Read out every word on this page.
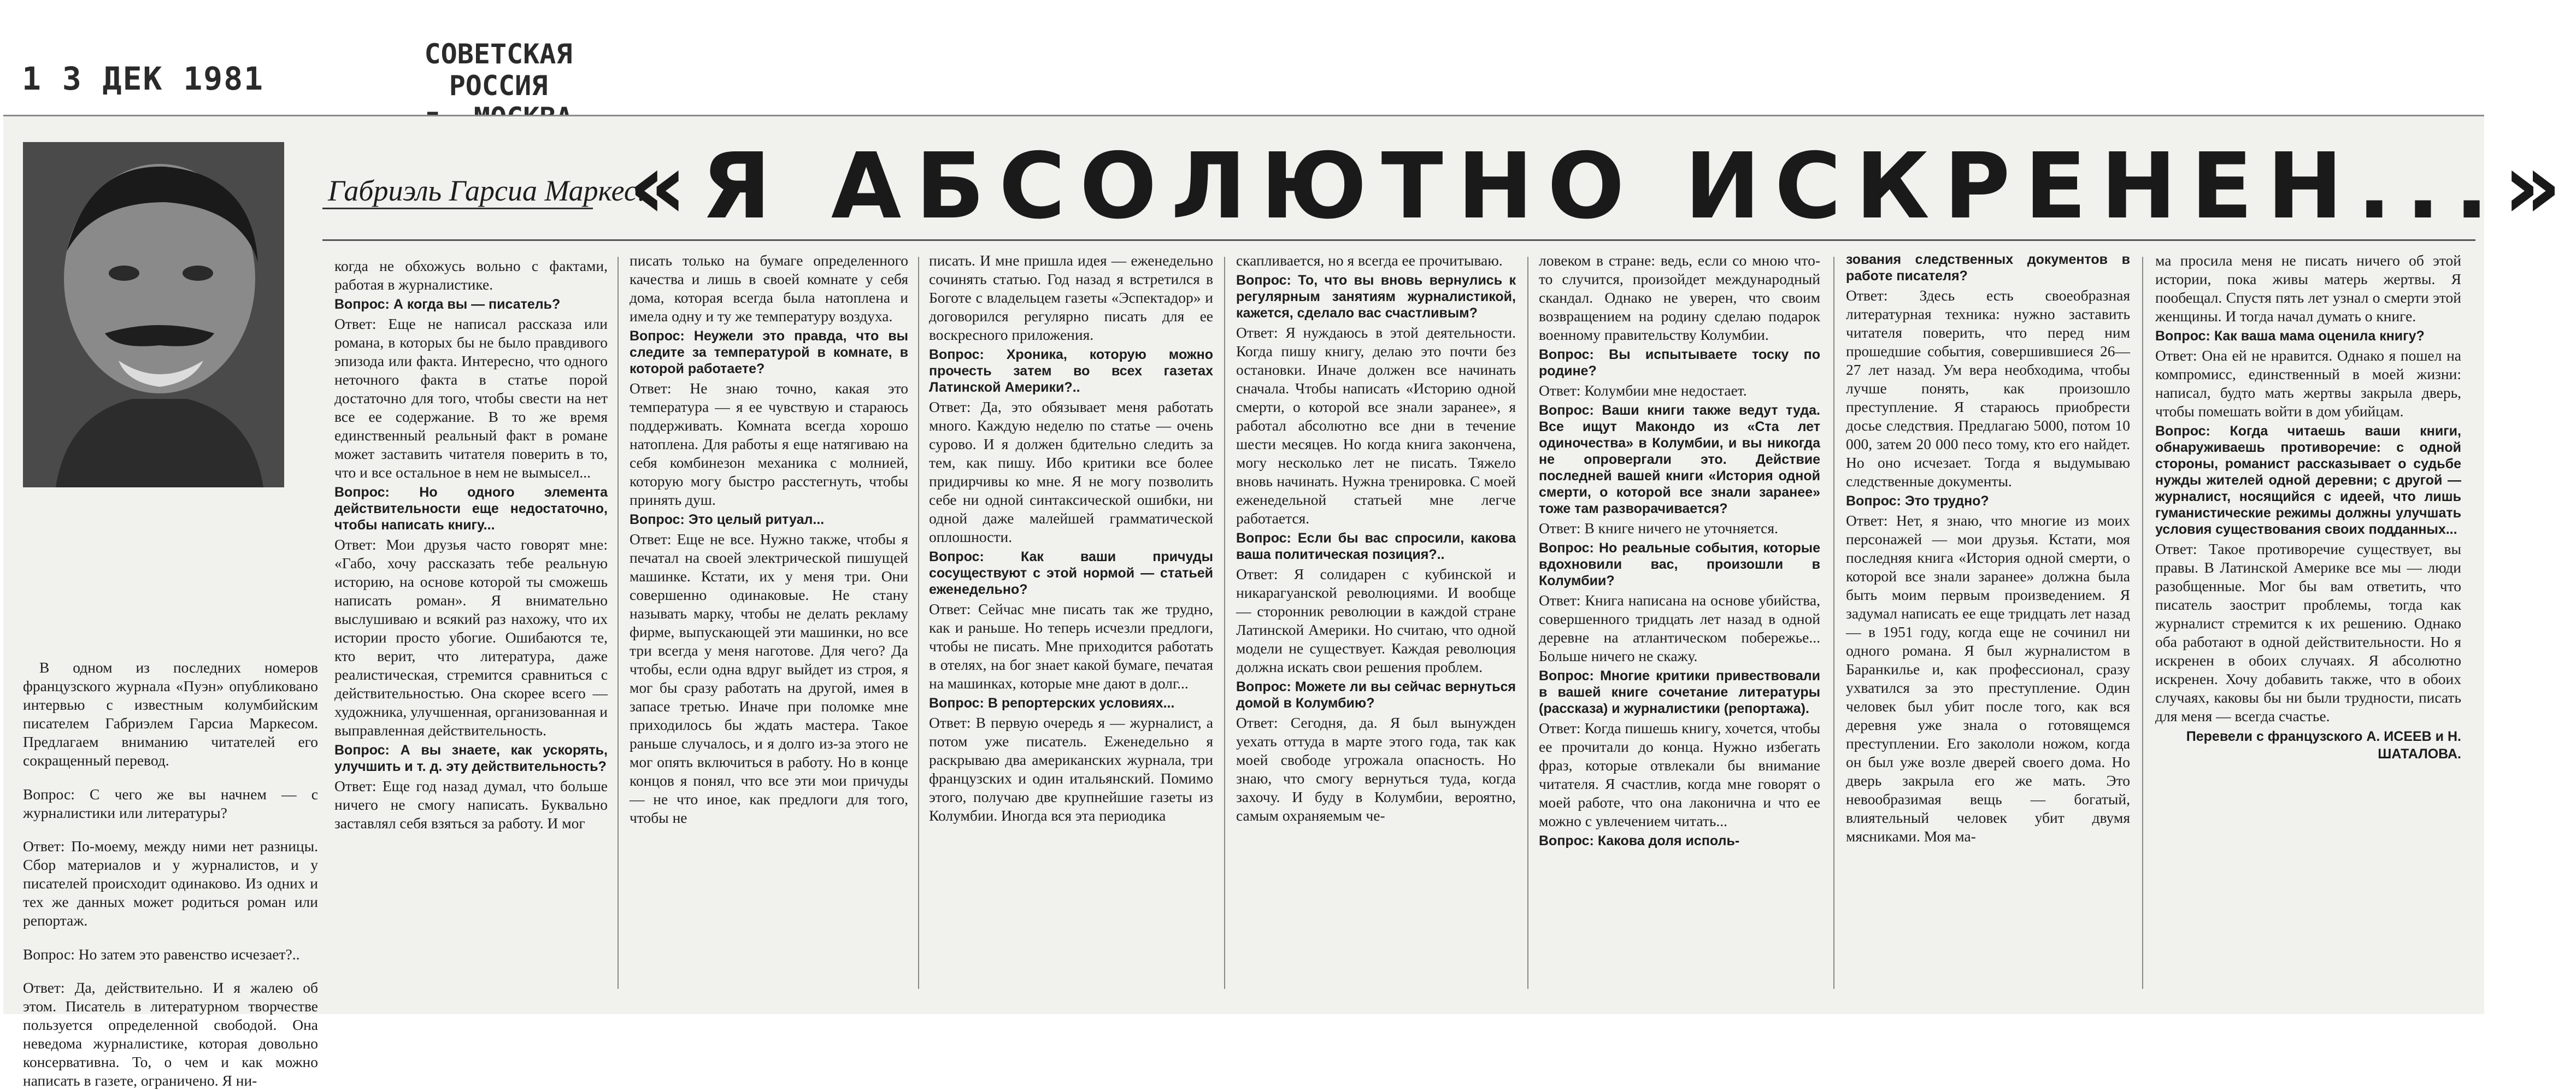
1 3 ДЕК 1981
СОВЕТСКАЯ РОССИЯ
Габриэль Гарсиа Маркес:
«Я АБСОЛЮТНО ИСКРЕНЕН...»

В одном из последних номеров французского журнала «Пуэн» опубликовано интервью с известным колумбийским писателем Габриэлем Гарсиа Маркесом. Предлагаем вниманию читателей его сокращенный перевод.

Вопрос: С чего же вы начнем — с журналистики или литературы?

Ответ: По-моему, между ними нет разницы. Сбор материалов и у журналистов, и у писателей происходит одинаково. Из одних и тех же данных может родиться роман или репортаж.

Вопрос: Но затем это равенство исчезает?..

Ответ: Да, действительно. И я жалею об этом. Писатель в литературном творчестве пользуется определенной свободой. Она неведома журналистике, которая довольно консервативна. То, о чем и как можно написать в газете, ограничено. Я ни-

когда не обхожусь вольно с фактами, работая в журналистике.

Вопрос: А когда вы — писатель?

Ответ: Еще не написал рассказа или романа, в которых бы не было правдивого эпизода или факта. Интересно, что одного неточного факта в статье порой достаточно для того, чтобы свести на нет все ее содержание. В то же время единственный реальный факт в романе может заставить читателя поверить в то, что и все остальное в нем не вымысел...

Вопрос: Но одного элемента действительности еще недостаточно, чтобы написать книгу...

Ответ: Мои друзья часто говорят мне: «Габо, хочу рассказать тебе реальную историю, на основе которой ты сможешь написать роман». Я внимательно выслушиваю и всякий раз нахожу, что их истории просто убогие. Ошибаются те, кто верит, что литература, даже реалистическая, стремится сравниться с действительностью. Она скорее всего — художника, улучшенная, организованная и выправленная действительность.

Вопрос: А вы знаете, как ускорять, улучшить и т. д. эту действительность?

Ответ: Еще год назад думал, что больше ничего не смогу написать. Буквально заставлял себя взяться за работу. И мог

писать только на бумаге определенного качества и лишь в своей комнате у себя дома, которая всегда была натоплена и имела одну и ту же температуру воздуха.

Вопрос: Неужели это правда, что вы следите за температурой в комнате, в которой работаете?

Ответ: Не знаю точно, какая это температура — я ее чувствую и стараюсь поддерживать. Комната всегда хорошо натоплена. Для работы я еще натягиваю на себя комбинезон механика с молнией, которую могу быстро расстегнуть, чтобы принять душ.

Вопрос: Это целый ритуал...

Ответ: Еще не все. Нужно также, чтобы я печатал на своей электрической пишущей машинке. Кстати, их у меня три. Они совершенно одинаковые. Не стану называть марку, чтобы не делать рекламу фирме, выпускающей эти машинки, но все три всегда у меня наготове. Для чего? Да чтобы, если одна вдруг выйдет из строя, я мог бы сразу работать на другой, имея в запасе третью. Иначе при поломке мне приходилось бы ждать мастера. Такое раньше случалось, и я долго из-за этого не мог опять включиться в работу. Но в конце концов я понял, что все эти мои причуды — не что иное, как предлоги для того, чтобы не

писать. И мне пришла идея — еженедельно сочинять статью. Год назад я встретился в Боготе с владельцем газеты «Эспектадор» и договорился регулярно писать для ее воскресного приложения.

Вопрос: Хроника, которую можно прочесть затем во всех газетах Латинской Америки?..

Ответ: Да, это обязывает меня работать много. Каждую неделю по статье — очень сурово. И я должен бдительно следить за тем, как пишу. Ибо критики все более придирчивы ко мне. Я не могу позволить себе ни одной синтаксической ошибки, ни одной даже малейшей грамматической оплошности.

Вопрос: Как ваши причуды сосуществуют с этой нормой — статьей еженедельно?

Ответ: Сейчас мне писать так же трудно, как и раньше. Но теперь исчезли предлоги, чтобы не писать. Мне приходится работать в отелях, на бог знает какой бумаге, печатая на машинках, которые мне дают в долг...

Вопрос: В репортерских условиях...

Ответ: В первую очередь я — журналист, а потом уже писатель. Еженедельно я раскрываю два американских журнала, три французских и один итальянский. Помимо этого, получаю две крупнейшие газеты из Колумбии. Иногда вся эта периодика

скапливается, но я всегда ее прочитываю.

Вопрос: То, что вы вновь вернулись к регулярным занятиям журналистикой, кажется, сделало вас счастливым?

Ответ: Я нуждаюсь в этой деятельности. Когда пишу книгу, делаю это почти без остановки. Иначе должен все начинать сначала. Чтобы написать «Историю одной смерти, о которой все знали заранее», я работал абсолютно все дни в течение шести месяцев. Но когда книга закончена, могу несколько лет не писать. Тяжело вновь начинать. Нужна тренировка. С моей еженедельной статьей мне легче работается.

Вопрос: Если бы вас спросили, какова ваша политическая позиция?..

Ответ: Я солидарен с кубинской и никарагуанской революциями. И вообще — сторонник революции в каждой стране Латинской Америки. Но считаю, что одной модели не существует. Каждая революция должна искать свои решения проблем.

Вопрос: Можете ли вы сейчас вернуться домой в Колумбию?

Ответ: Сегодня, да. Я был вынужден уехать оттуда в марте этого года, так как моей свободе угрожала опасность. Но знаю, что смогу вернуться туда, когда захочу. И буду в Колумбии, вероятно, самым охраняемым че-

ловеком в стране: ведь, если со мною что-то случится, произойдет международный скандал. Однако не уверен, что своим возвращением на родину сделаю подарок военному правительству Колумбии.

Вопрос: Вы испытываете тоску по родине?

Ответ: Колумбии мне недостает.

Вопрос: Ваши книги также ведут туда. Все ищут Макондо из «Ста лет одиночества» в Колумбии, и вы никогда не опровергали это. Действие последней вашей книги «История одной смерти, о которой все знали заранее» тоже там разворачивается?

Ответ: В книге ничего не уточняется.

Вопрос: Но реальные события, которые вдохновили вас, произошли в Колумбии?

Ответ: Книга написана на основе убийства, совершенного тридцать лет назад в одной деревне на атлантическом побережье... Больше ничего не скажу.

Вопрос: Многие критики привествовали в вашей книге сочетание литературы (рассказа) и журналистики (репортажа).

Ответ: Когда пишешь книгу, хочется, чтобы ее прочитали до конца. Нужно избегать фраз, которые отвлекали бы внимание читателя. Я счастлив, когда мне говорят о моей работе, что она лаконична и что ее можно с увлечением читать...

Вопрос: Какова доля исполь-

зования следственных документов в работе писателя?

Ответ: Здесь есть своеобразная литературная техника: нужно заставить читателя поверить, что перед ним прошедшие события, совершившиеся 26—27 лет назад. Ум вера необходима, чтобы лучше понять, как произошло преступление. Я стараюсь приобрести досье следствия. Предлагаю 5000, потом 10 000, затем 20 000 песо тому, кто его найдет. Но оно исчезает. Тогда я выдумываю следственные документы.

Вопрос: Это трудно?

Ответ: Нет, я знаю, что многие из моих персонажей — мои друзья. Кстати, моя последняя книга «История одной смерти, о которой все знали заранее» должна была быть моим первым произведением. Я задумал написать ее еще тридцать лет назад — в 1951 году, когда еще не сочинил ни одного романа. Я был журналистом в Баранкилье и, как профессионал, сразу ухватился за это преступление. Один человек был убит после того, как вся деревня уже знала о готовящемся преступлении. Его закололи ножом, когда он был уже возле дверей своего дома. Но дверь закрыла его же мать. Это невообразимая вещь — богатый, влиятельный человек убит двумя мясниками. Моя ма-

ма просила меня не писать ничего об этой истории, пока живы матерь жертвы. Я пообещал. Спустя пять лет узнал о смерти этой женщины. И тогда начал думать о книге.

Вопрос: Как ваша мама оценила книгу?

Ответ: Она ей не нравится. Однако я пошел на компромисс, единственный в моей жизни: написал, будто мать жертвы закрыла дверь, чтобы помешать войти в дом убийцам.

Вопрос: Когда читаешь ваши книги, обнаруживаешь противоречие: с одной стороны, романист рассказывает о судьбе нужды жителей одной деревни; с другой — журналист, носящийся с идеей, что лишь гуманистические режимы должны улучшать условия существования своих подданных...

Ответ: Такое противоречие существует, вы правы. В Латинской Америке все мы — люди разобщенные. Мог бы вам ответить, что писатель заострит проблемы, тогда как журналист стремится к их решению. Однако оба работают в одной действительности. Но я искренен в обоих случаях. Я абсолютно искренен. Хочу добавить также, что в обоих случаях, каковы бы ни были трудности, писать для меня — всегда счастье.

Перевели с французского А. ИСЕЕВ и Н. ШАТАЛОВА.
